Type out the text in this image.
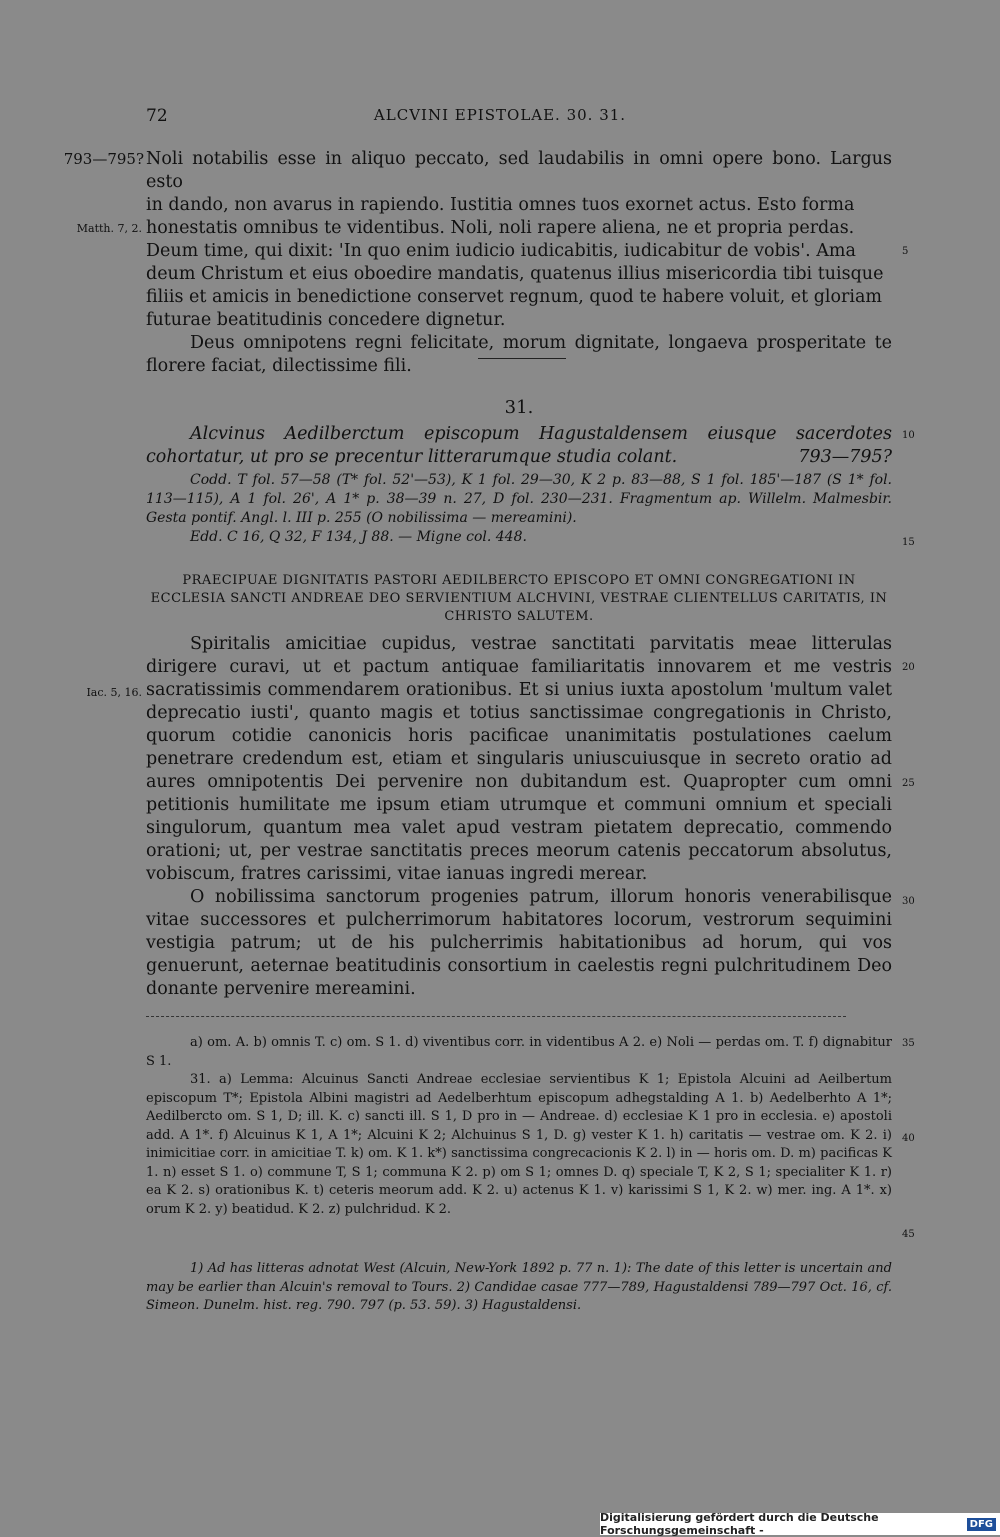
72	ALCVINI EPISTOLAE. 30. 31.
793—795?
Matth. 7, 2.
Iac. 5, 16.
5
10
15
20
25
30
35
40
45

Noli notabilis esse in aliquo peccato, sed laudabilis in omni opere bono. Largus esto

in dando, non avarus in rapiendo. Iustitia omnes tuos exornet actus. Esto forma

honestatis omnibus te videntibus. Noli, noli rapere aliena, ne et propria perdas.

Deum time, qui dixit: 'In quo enim iudicio iudicabitis, iudicabitur de vobis'. Ama

deum Christum et eius oboedire mandatis, quatenus illius misericordia tibi tuisque

filiis et amicis in benedictione conservet regnum, quod te habere voluit, et gloriam

futurae beatitudinis concedere dignetur.

Deus omnipotens regni felicitate, morum dignitate, longaeva prosperitate te florere faciat, dilectissime fili.

31.

Alcvinus Aedilberctum episcopum Hagustaldensem eiusque sacerdotes cohortatur, ut pro se precentur litterarumque studia colant.	793—795?

Codd. T fol. 57—58 (T* fol. 52'—53), K 1 fol. 29—30, K 2 p. 83—88, S 1 fol. 185'—187 (S 1* fol. 113—115), A 1 fol. 26', A 1* p. 38—39 n. 27, D fol. 230—231. Fragmentum ap. Willelm. Malmesbir. Gesta pontif. Angl. l. III p. 255 (O nobilissima — mereamini).

Edd. C 16, Q 32, F 134, J 88. — Migne col. 448.

PRAECIPUAE DIGNITATIS PASTORI AEDILBERCTO EPISCOPO ET OMNI CONGREGATIONI IN ECCLESIA SANCTI ANDREAE DEO SERVIENTIUM ALCHVINI, VESTRAE CLIENTELLUS CARITATIS, IN CHRISTO SALUTEM.

Spiritalis amicitiae cupidus, vestrae sanctitati parvitatis meae litterulas dirigere curavi, ut et pactum antiquae familiaritatis innovarem et me vestris sacratissimis commendarem orationibus. Et si unius iuxta apostolum 'multum valet deprecatio iusti', quanto magis et totius sanctissimae congregationis in Christo, quorum cotidie canonicis horis pacificae unanimitatis postulationes caelum penetrare credendum est, etiam et singularis uniuscuiusque in secreto oratio ad aures omnipotentis Dei pervenire non dubitandum est. Quapropter cum omni petitionis humilitate me ipsum etiam utrumque et communi omnium et speciali singulorum, quantum mea valet apud vestram pietatem deprecatio, commendo orationi; ut, per vestrae sanctitatis preces meorum catenis peccatorum absolutus, vobiscum, fratres carissimi, vitae ianuas ingredi merear.

O nobilissima sanctorum progenies patrum, illorum honoris venerabilisque vitae successores et pulcherrimorum habitatores locorum, vestrorum sequimini vestigia patrum; ut de his pulcherrimis habitationibus ad horum, qui vos genuerunt, aeternae beatitudinis consortium in caelestis regni pulchritudinem Deo donante pervenire mereamini.

a) om. A. b) omnis T. c) om. S 1. d) viventibus corr. in videntibus A 2. e) Noli — perdas om. T. f) dignabitur S 1.

31. a) Lemma: Alcuinus Sancti Andreae ecclesiae servientibus K 1; Epistola Alcuini ad Aeilbertum episcopum T*; Epistola Albini magistri ad Aedelberhtum episcopum adhegstalding A 1. b) Aedelberhto A 1*; Aedilbercto om. S 1, D; ill. K. c) sancti ill. S 1, D pro in — Andreae. d) ecclesiae K 1 pro in ecclesia. e) apostoli add. A 1*. f) Alcuinus K 1, A 1*; Alcuini K 2; Alchuinus S 1, D. g) vester K 1. h) caritatis — vestrae om. K 2. i) inimicitiae corr. in amicitiae T. k) om. K 1. k*) sanctissima congrecacionis K 2. l) in — horis om. D. m) pacificas K 1. n) esset S 1. o) commune T, S 1; communa K 2. p) om S 1; omnes D. q) speciale T, K 2, S 1; specialiter K 1. r) ea K 2. s) orationibus K. t) ceteris meorum add. K 2. u) actenus K 1. v) karissimi S 1, K 2. w) mer. ing. A 1*. x) orum K 2. y) beatidud. K 2. z) pulchridud. K 2.

1) Ad has litteras adnotat West (Alcuin, New-York 1892 p. 77 n. 1): The date of this letter is uncertain and may be earlier than Alcuin's removal to Tours. 2) Candidae casae 777—789, Hagustaldensi 789—797 Oct. 16, cf. Simeon. Dunelm. hist. reg. 790. 797 (p. 53. 59). 3) Hagustaldensi.

Digitalisierung gefördert durch die Deutsche Forschungsgemeinschaft -	DFG
